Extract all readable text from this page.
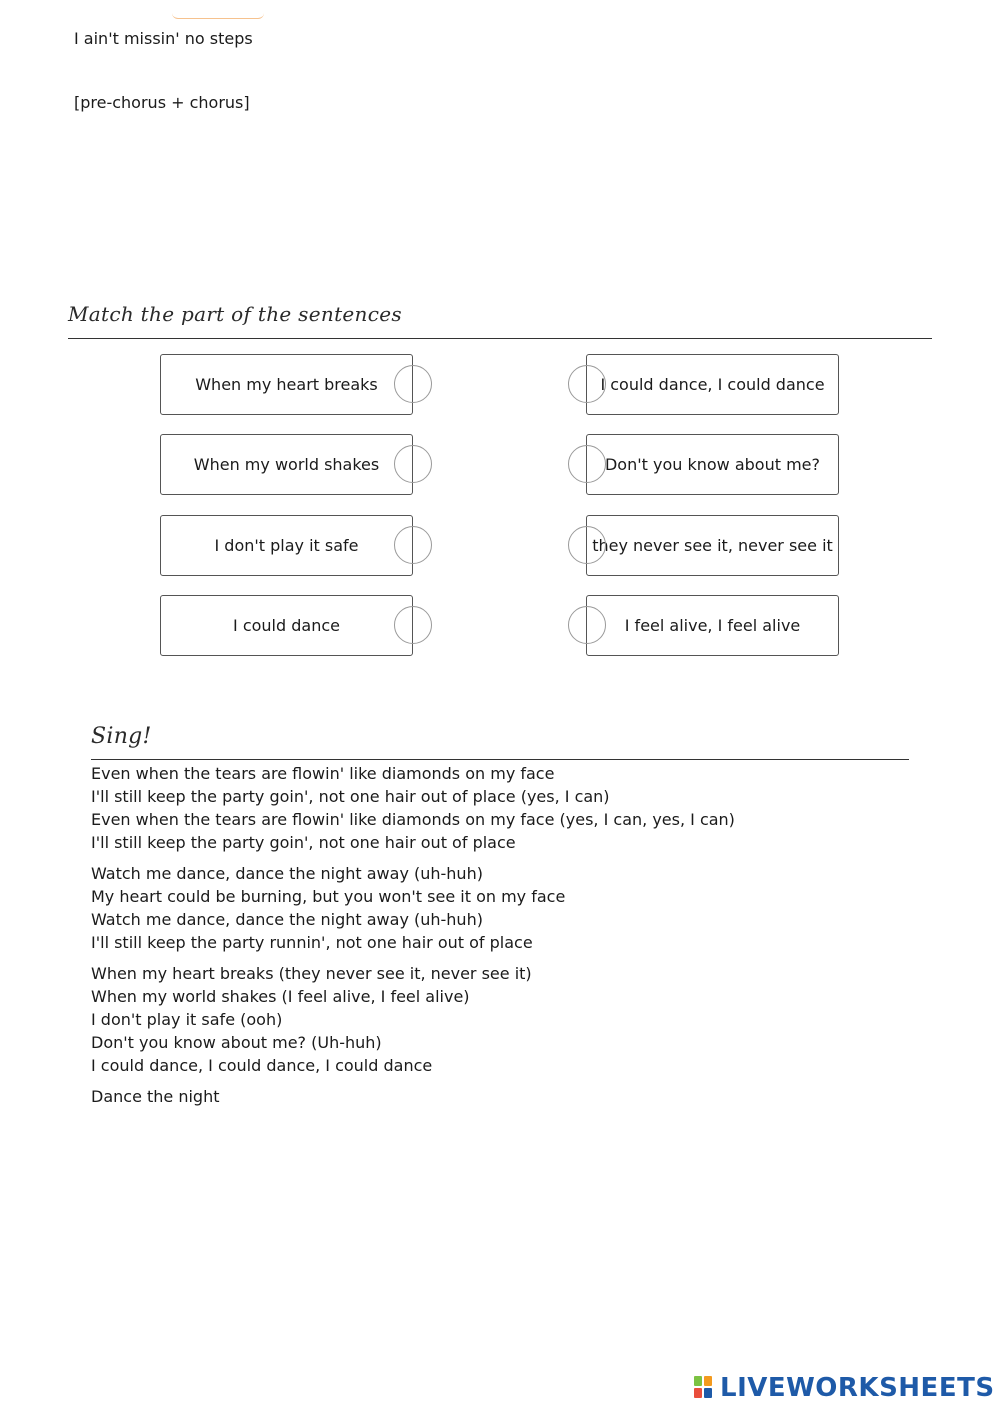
I ain't missin' no steps
[pre-chorus + chorus]
Match the part of the sentences
When my heart breaks
When my world shakes
I don't play it safe
I could dance
I could dance, I could dance
Don't you know about me?
they never see it, never see it
I feel alive, I feel alive
Sing!
Even when the tears are flowin' like diamonds on my face
I'll still keep the party goin', not one hair out of place (yes, I can)
Even when the tears are flowin' like diamonds on my face (yes, I can, yes, I can)
I'll still keep the party goin', not one hair out of place
Watch me dance, dance the night away (uh-huh)
My heart could be burning, but you won't see it on my face
Watch me dance, dance the night away (uh-huh)
I'll still keep the party runnin', not one hair out of place
When my heart breaks (they never see it, never see it)
When my world shakes (I feel alive, I feel alive)
I don't play it safe (ooh)
Don't you know about me? (Uh-huh)
I could dance, I could dance, I could dance
Dance the night
LIVEWORKSHEETS
